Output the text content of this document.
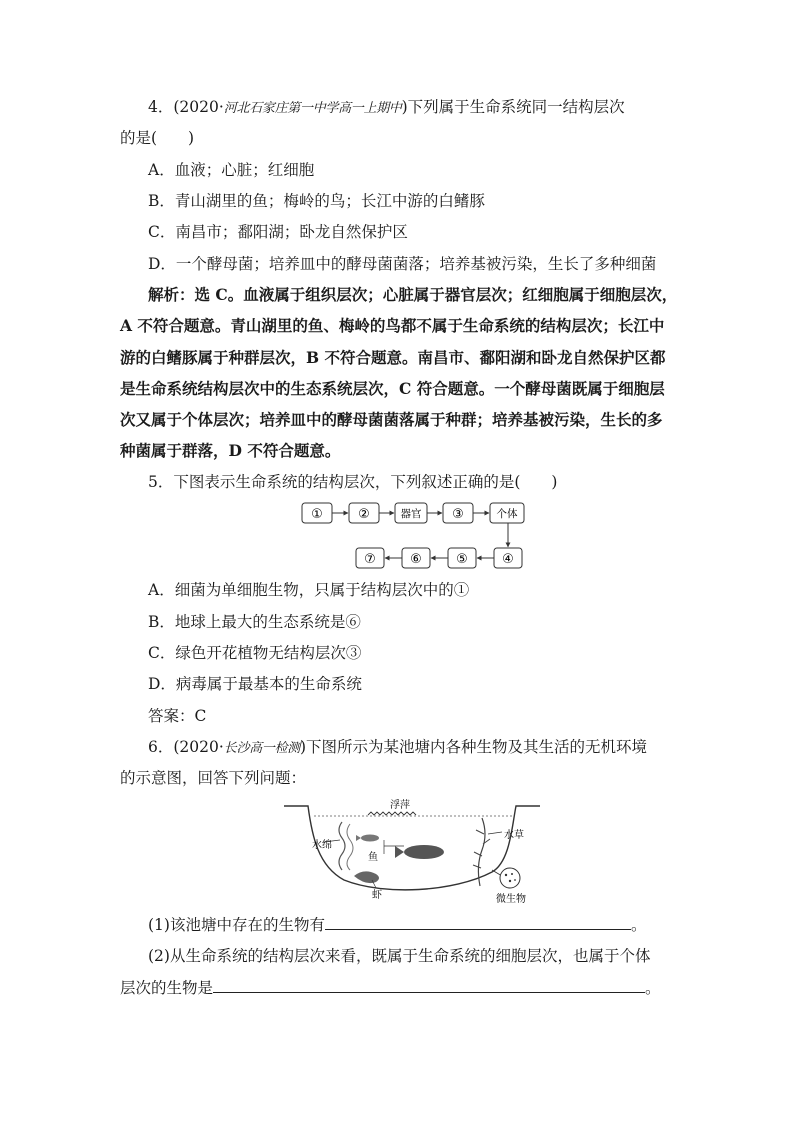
4．(2020·河北石家庄第一中学高一上期中)下列属于生命系统同一结构层次
的是(　　)
A．血液；心脏；红细胞
B．青山湖里的鱼；梅岭的鸟；长江中游的白鳍豚
C．南昌市；鄱阳湖；卧龙自然保护区
D．一个酵母菌；培养皿中的酵母菌菌落；培养基被污染，生长了多种细菌
解析：选 C。血液属于组织层次；心脏属于器官层次；红细胞属于细胞层次，
A 不符合题意。青山湖里的鱼、梅岭的鸟都不属于生命系统的结构层次；长江中
游的白鳍豚属于种群层次，B 不符合题意。南昌市、鄱阳湖和卧龙自然保护区都
是生命系统结构层次中的生态系统层次，C 符合题意。一个酵母菌既属于细胞层
次又属于个体层次；培养皿中的酵母菌菌落属于种群；培养基被污染，生长的多
种菌属于群落，D 不符合题意。
5．下图表示生命系统的结构层次，下列叙述正确的是(　　)
①	②	器官 ③	个体
⑦	⑥	⑤	④
A．细菌为单细胞生物，只属于结构层次中的①
B．地球上最大的生态系统是⑥
C．绿色开花植物无结构层次③
D．病毒属于最基本的生命系统
答案：C
6．(2020·长沙高一检测)下图所示为某池塘内各种生物及其生活的无机环境
的示意图，回答下列问题：
浮萍
水绵
水草
鱼
虾	微生物
(1)该池塘中存在的生物有	。
(2)从生命系统的结构层次来看，既属于生命系统的细胞层次，也属于个体
层次的生物是	。
